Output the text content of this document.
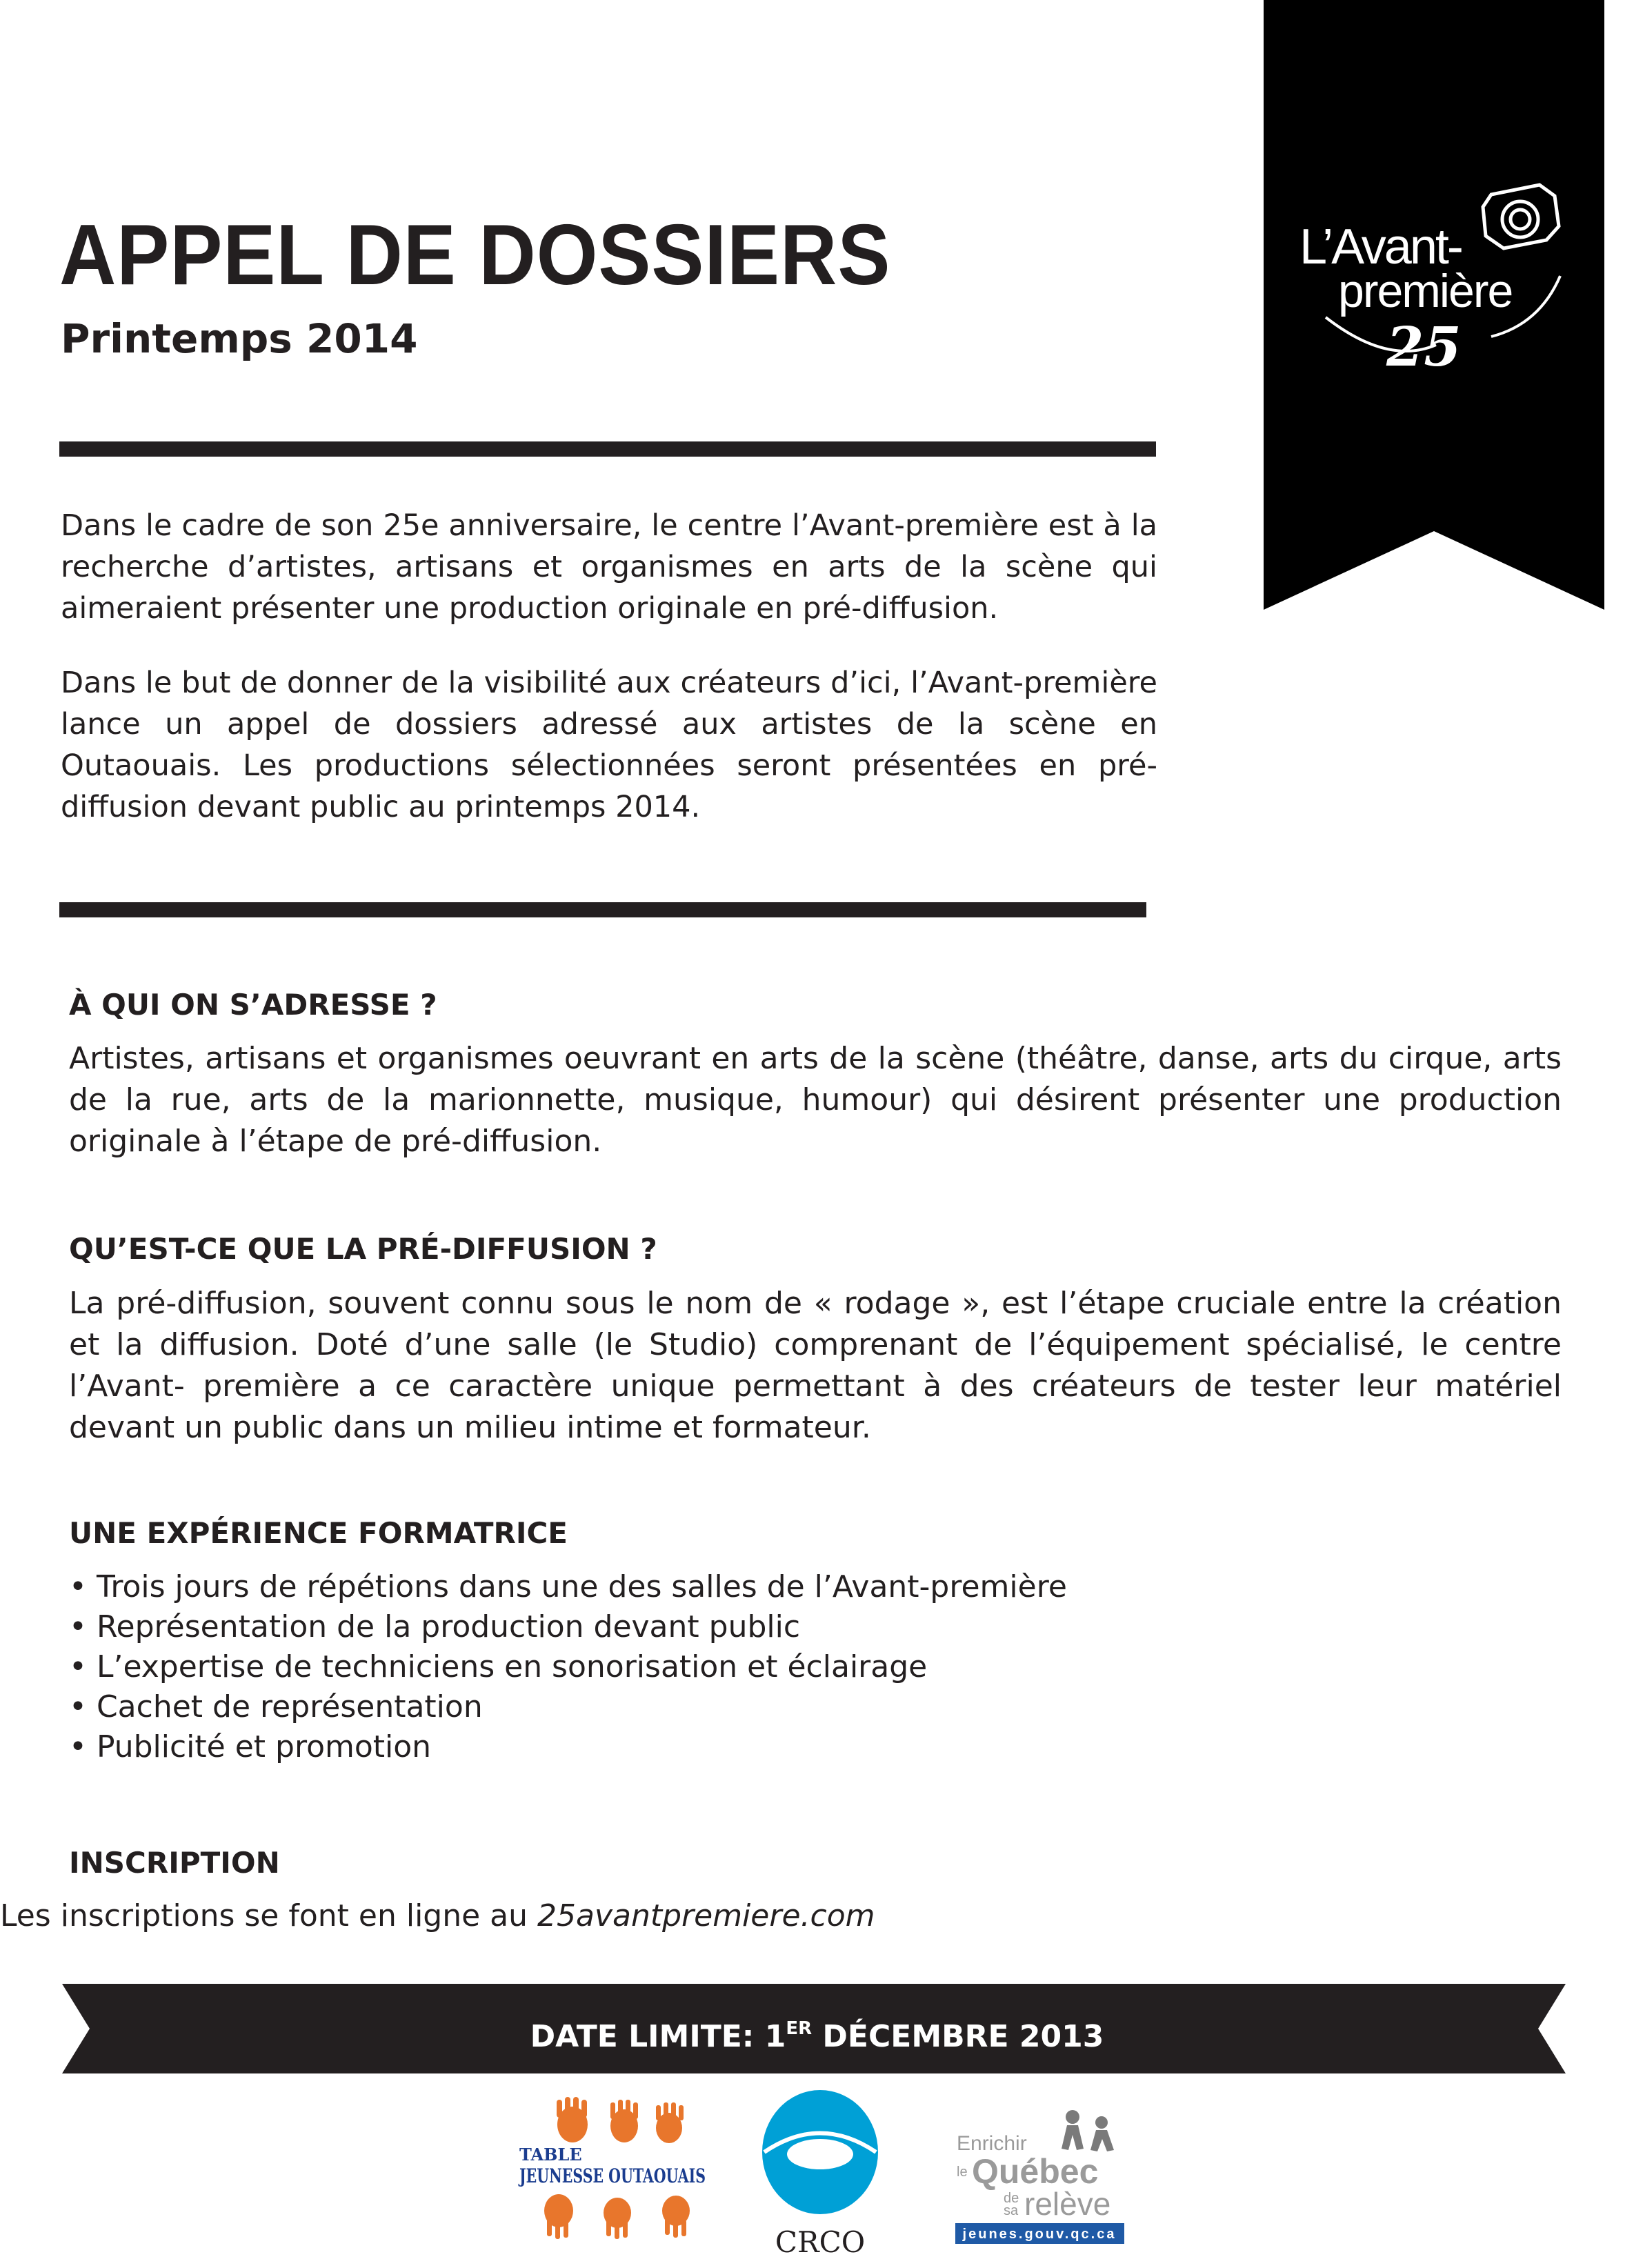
L’Avant-
première
25
APPEL DE DOSSIERS
Printemps 2014

Dans le cadre de son 25e anniversaire, le centre l’Avant-première est à la recherche d’artistes, artisans et organismes en arts de la scène qui aimeraient présenter une production originale en pré-diffusion.

Dans le but de donner de la visibilité aux créateurs d’ici, l’Avant-première lance un appel de dossiers adressé aux artistes de la scène en Outaouais. Les productions sélectionnées seront présentées en pré-diffusion devant public au printemps 2014.

À QUI ON S’ADRESSE ?

Artistes, artisans et organismes oeuvrant en arts de la scène (théâtre, danse, arts du cirque, arts de la rue, arts de la marionnette, musique, humour) qui désirent présenter une production originale à l’étape de pré-diffusion.

QU’EST-CE QUE LA PRÉ-DIFFUSION ?

La pré-diffusion, souvent connu sous le nom de « rodage », est l’étape cruciale entre la création et la diffusion. Doté d’une salle (le Studio) comprenant de l’équipement spécialisé, le centre l’Avant- première a ce caractère unique permettant à des créateurs de tester leur matériel devant un public dans un milieu intime et formateur.

UNE EXPÉRIENCE FORMATRICE
• Trois jours de répétions dans une des salles de l’Avant-première
• Représentation de la production devant public
• L’expertise de techniciens en sonorisation et éclairage
• Cachet de représentation
• Publicité et promotion
INSCRIPTION
Les inscriptions se font en ligne au 25avantpremiere.com
DATE LIMITE: 1ER DÉCEMBRE 2013
TABLE
JEUNESSE OUTAOUAIS
CRCO
Enrichir
le Québec
de
sa relève
jeunes.gouv.qc.ca
